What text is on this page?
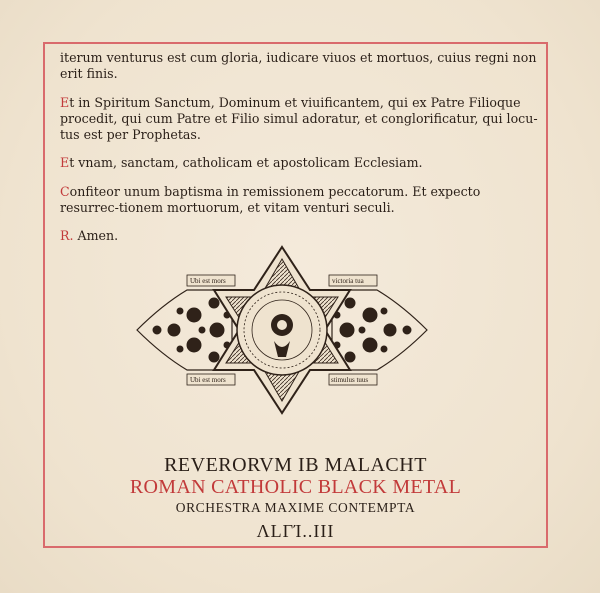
iterum venturus est cum gloria, iudicare viuos et mortuos, cuius regni non erit finis.

Et in Spiritum Sanctum, Dominum et viuificantem, qui ex Patre Filioque procedit, qui cum Patre et Filio simul adoratur, et conglorificatur, qui locu-tus est per Prophetas.

Et vnam, sanctam, catholicam et apostolicam Ecclesiam.

Confiteor unum baptisma in remissionem peccatorum. Et expecto resurrec-tionem mortuorum, et vitam venturi seculi.

R. Amen.

Ubi est mors	victoria tua
Ubi est mors	stimulus tuus
REVERORVM IB MALACHT
ROMAN CATHOLIC BLACK METAL
ORCHESTRA MAXIME CONTEMPTA
ΛLΓΊ..III
